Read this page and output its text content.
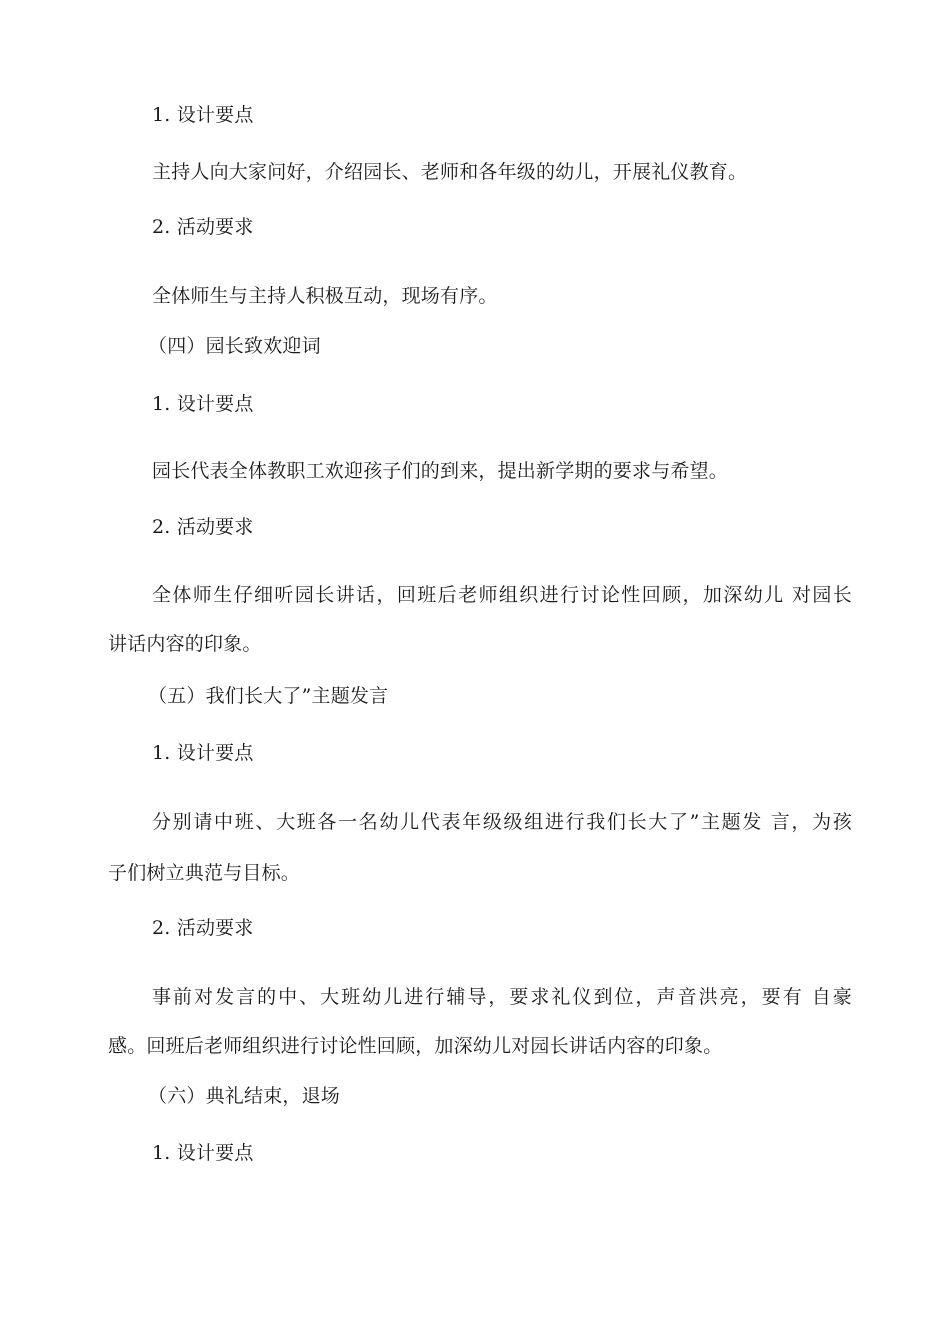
1. 设计要点
主持人向大家问好，介绍园长、老师和各年级的幼儿，开展礼仪教育。
2. 活动要求
全体师生与主持人积极互动，现场有序。
（四）园长致欢迎词
1. 设计要点
园长代表全体教职工欢迎孩子们的到来，提出新学期的要求与希望。
2. 活动要求
全体师生仔细听园长讲话，回班后老师组织进行讨论性回顾，加深幼儿 对园长
讲话内容的印象。
（五）我们长大了”主题发言
1. 设计要点
分别请中班、大班各一名幼儿代表年级级组进行我们长大了”主题发 言，为孩
子们树立典范与目标。
2. 活动要求
事前对发言的中、大班幼儿进行辅导，要求礼仪到位，声音洪亮，要有 自豪
感。回班后老师组织进行讨论性回顾，加深幼儿对园长讲话内容的印象。
（六）典礼结束，退场
1. 设计要点
